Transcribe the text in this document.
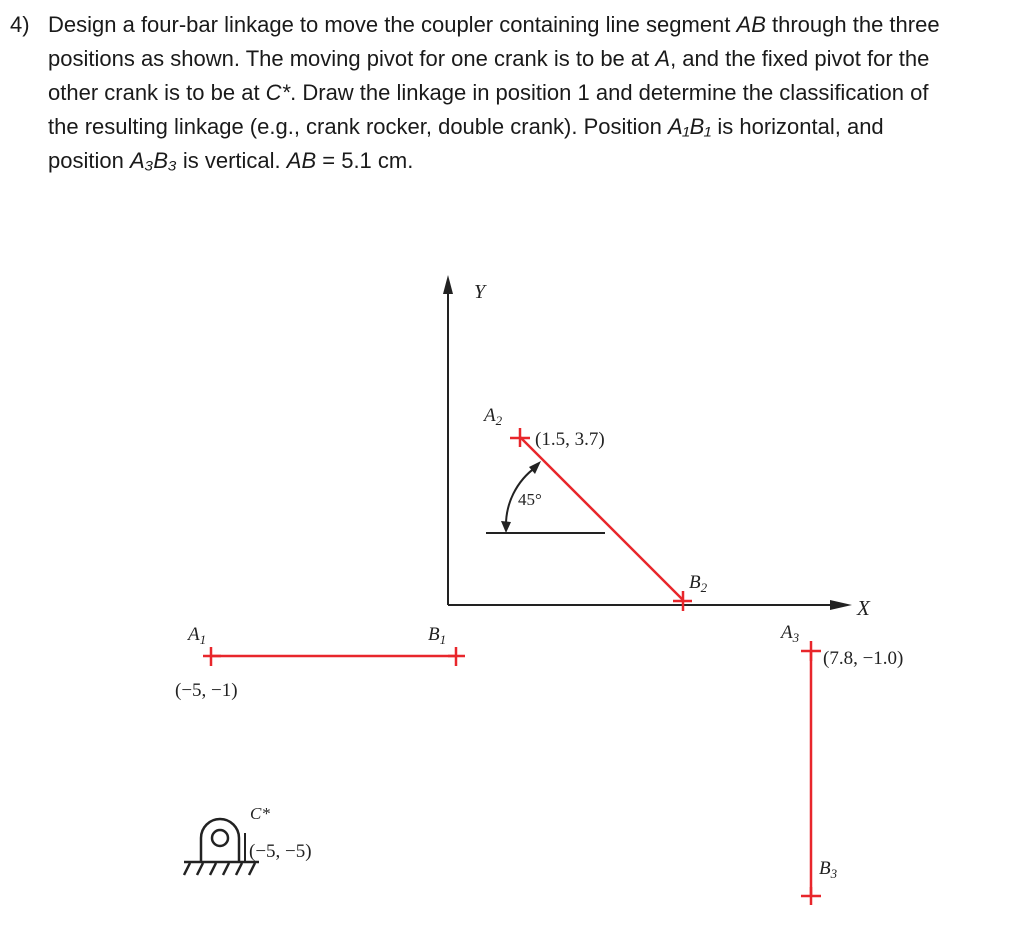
4) Design a four-bar linkage to move the coupler containing line segment AB through the three
positions as shown. The moving pivot for one crank is to be at A, and the fixed pivot for the
other crank is to be at C*. Draw the linkage in position 1 and determine the classification of
the resulting linkage (e.g., crank rocker, double crank). Position A₁B₁ is horizontal, and
position A₃B₃ is vertical. AB = 5.1 cm.
Y
X
$A_1$
(−5, −1)
$B_1$
$A_2$
(1.5, 3.7)
$B_2$
45°
$A_3$
(7.8, −1.0)
$B_3$
C*
(−5, −5)
